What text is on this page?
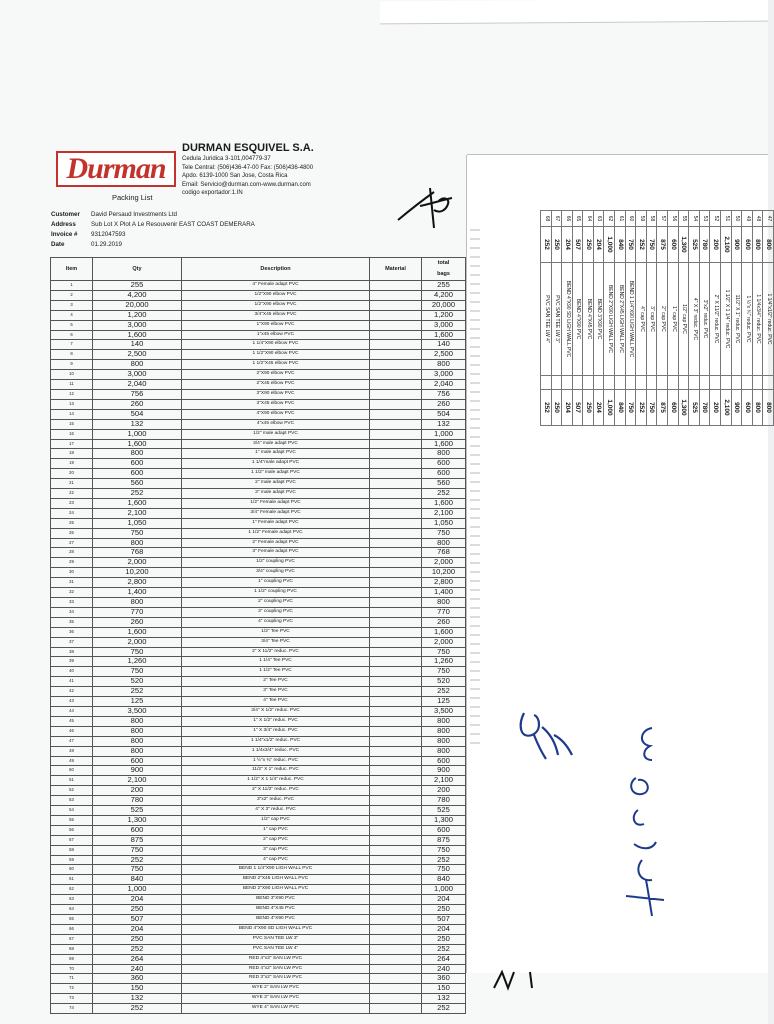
Durman
DURMAN ESQUIVEL S.A.
Cedula Juridica 3-101,004779-37
Tele Central: (506)436-47-00 Fax: (506)436-4800
Apdo. 6139-1000 San Jose, Costa Rica
Email: Servicio@durman.com-www.durman.com
codigo exportador:1.IN
Packing List
Customer	David Persaud Investments Ltd
Address	Sub Lot X Plot A Le Resouvenir EAST COAST DEMERARA
Invoice #	9312047593
Date	01.29.2019
Item	Qty	Description	Material	total
				bags
1	255	4" Female adapt PVC		255
2	4,200	1/2"X90 elbow PVC		4,200
3	20,000	1/2"X90 elbow PVC		20,000
4	1,200	3/4"X45 elbow PVC		1,200
5	3,000	1"X90 elbow PVC		3,000
6	1,600	1"x45 elbow PVC		1,600
7	140	1 1/4"X90 elbow PVC		140
8	2,500	1 1/2"X90 elbow PVC		2,500
9	800	1 1/2"X45 elbow PVC		800
10	3,000	2"X90 elbow PVC		3,000
11	2,040	2"X45 elbow PVC		2,040
12	756	3"X90 elbow PVC		756
13	260	3"X45 elbow PVC		260
14	504	4"X90 elbow PVC		504
15	132	4"x45 elbow PVC		132
16	1,000	1/2" male adapt PVC		1,000
17	1,600	3/4" male adapt PVC		1,600
18	800	1" male adapt PVC		800
19	600	1 1/4"male adapt PVC		600
20	600	1 1/2" male adapt PVC		600
21	560	2" male adapt PVC		560
22	252	3" male adapt PVC		252
23	1,600	1/2" Female adapt PVC		1,600
24	2,100	3/4" Female adapt PVC		2,100
25	1,050	1" Female adapt PVC		1,050
26	750	1 1/2" Female adapt PVC		750
27	800	2" Female adapt PVC		800
28	768	3" Female adapt PVC		768
29	2,000	1/2" coupling PVC		2,000
30	10,200	3/4" coupling PVC		10,200
31	2,800	1" coupling PVC		2,800
32	1,400	1 1/2" coupling PVC		1,400
33	800	2" coupling PVC		800
34	770	3" coupling PVC		770
35	260	4" coupling PVC		260
36	1,600	1/2" Tee PVC		1,600
37	2,000	3/4" Tee PVC		2,000
38	750	2" X 11/2" reduc. PVC		750
39	1,260	1 1/4" Tee PVC		1,260
40	750	1 1/2" Tee PVC		750
41	520	2" Tee PVC		520
42	252	3" Tee PVC		252
43	125	4" Tee PVC		125
44	3,500	3/4" X 1/2" reduc. PVC		3,500
45	800	1" X 1/2" reduc. PVC		800
46	800	1" X 3/4" reduc. PVC		800
47	800	1 1/4"x1/2" reduc. PVC		800
48	800	1 1/4x3/4" reduc. PVC		800
49	600	1 ½"x ¾" reduc. PVC		600
50	900	11/2" X 1" reduc. PVC		900
51	2,100	1 1/2" X 1 1/4" reduc. PVC		2,100
52	200	2" X 11/2" reduc. PVC		200
53	780	3"x2" reduc. PVC		780
54	525	4" X 3" reduc. PVC		525
55	1,300	1/2" cap PVC		1,300
56	600	1" cap PVC		600
57	875	2" cap PVC		875
58	750	3" cap PVC		750
59	252	4" cap PVC		252
60	750	BEND 1 1/4"X90 LIGH WALL PVC		750
61	840	BEND 2"X45 LIGH WALL PVC		840
62	1,000	BEND 2"X90 LIGH WALL PVC		1,000
63	204	BEND 3"X90 PVC		204
64	250	BEND 4"X45 PVC		250
65	507	BEND 4"X90 PVC		507
66	204	BEND 4"X90 SD LIGH WALL PVC		204
67	250	PVC SAN TEE LW 3"		250
68	252	PVC SAN TEE LW 4"		252
69	264	RED 4"x3" SAN LW PVC		264
70	240	RED 4"x2" SAN LW PVC		240
71	360	RED 3"x2" SAN LW PVC		360
72	150	WYE 2" SAN LW PVC		150
73	132	WYE 3" SAN LW PVC		132
74	252	WYE 4" SAN LW PVC		252
47	800	1 1/4"x1/2" reduc. PVC		800
48	800	1 1/4x3/4" reduc. PVC		800
49	600	1 ½"x ¾" reduc. PVC		600
50	900	11/2" X 1" reduc. PVC		900
51	2,100	1 1/2" X 1 1/4" reduc. PVC		2,100
52	200	2" X 11/2" reduc. PVC		200
53	780	3"x2" reduc. PVC		780
54	525	4" X 3" reduc. PVC		525
55	1,300	1/2" cap PVC		1,300
56	600	1" cap PVC		600
57	875	2" cap PVC		875
58	750	3" cap PVC		750
59	252	4" cap PVC		252
60	750	BEND 1 1/4"X90 LIGH WALL PVC		750
61	840	BEND 2"X45 LIGH WALL PVC		840
62	1,000	BEND 2"X90 LIGH WALL PVC		1,000
63	204	BEND 3"X90 PVC		204
64	250	BEND 4"X45 PVC		250
65	507	BEND 4"X90 PVC		507
66	204	BEND 4"X90 SD LIGH WALL PVC		204
67	250	PVC SAN TEE LW 3"		250
68	252	PVC SAN TEE LW 4"		252
